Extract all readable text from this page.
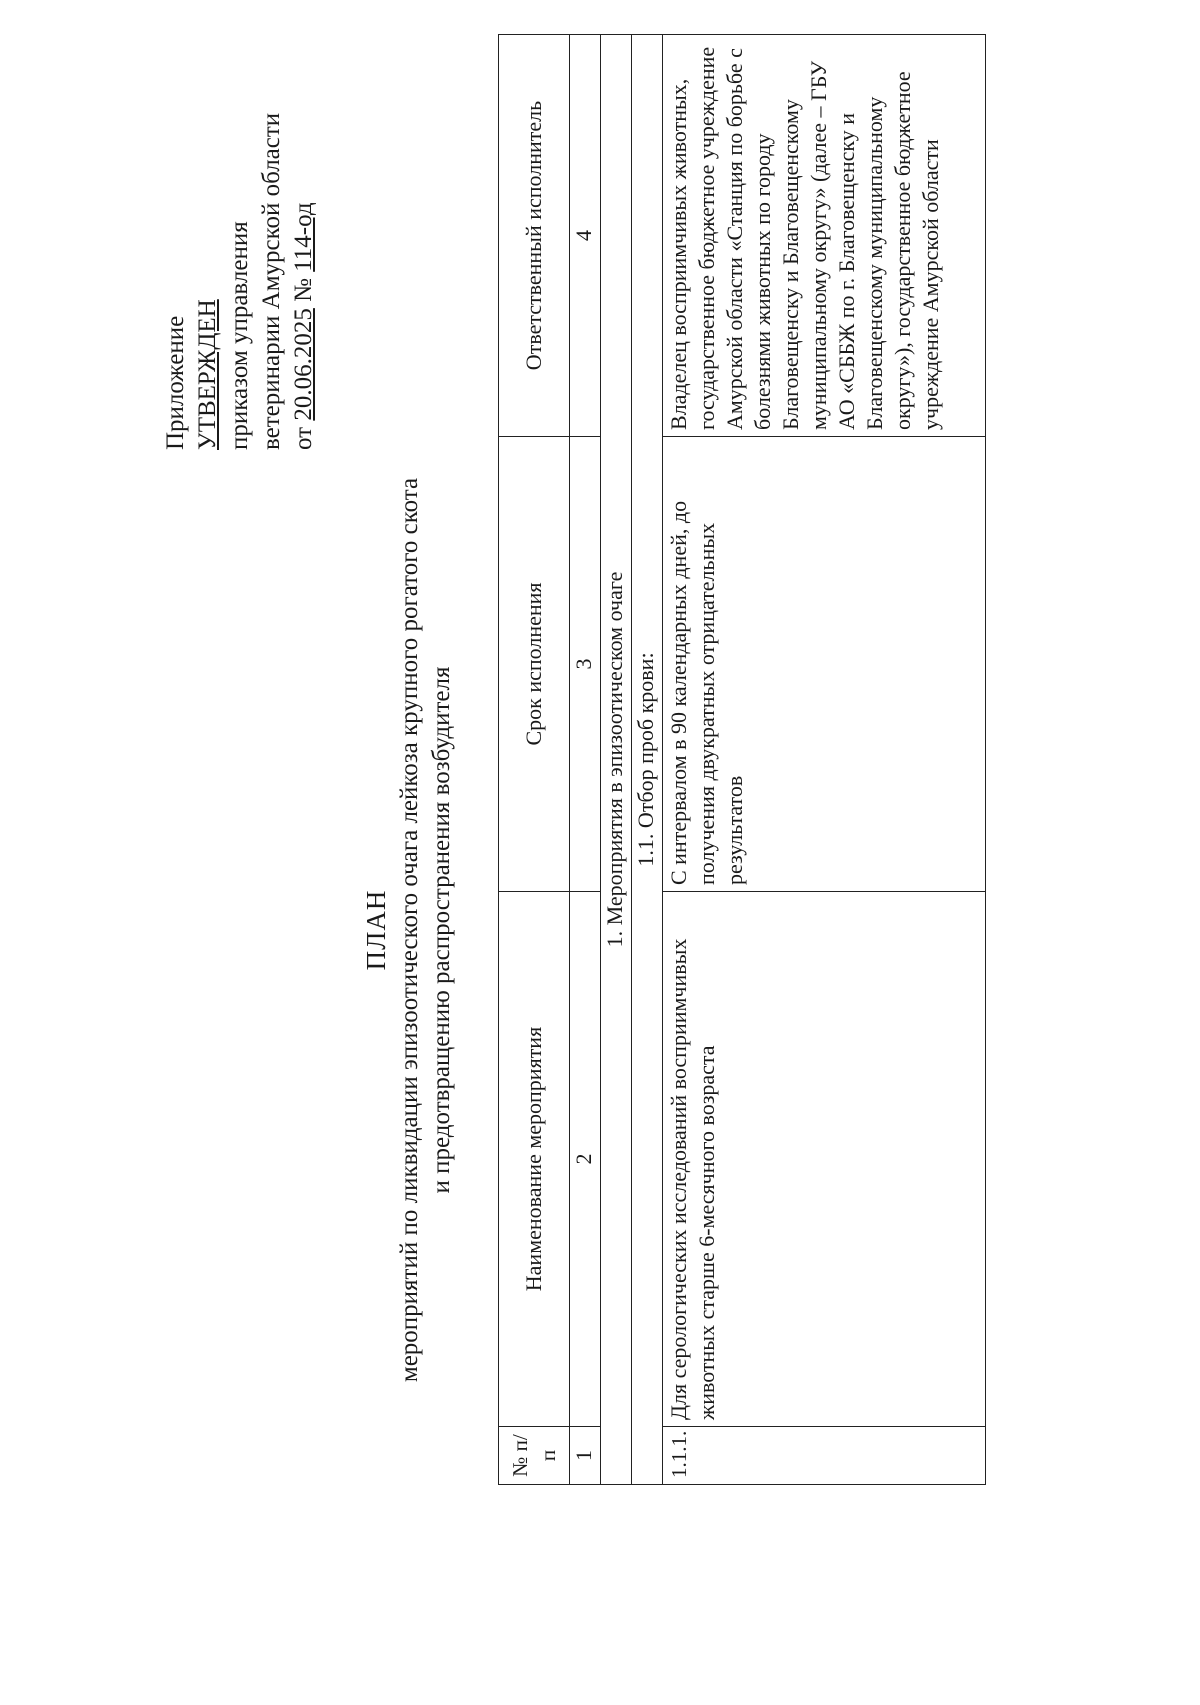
Приложение УТВЕРЖДЕН приказом управления ветеринарии Амурской области от 20.06.2025 № 114-од
ПЛАН мероприятий по ликвидации эпизоотического очага лейкоза крупного рогатого скота и предотвращению распространения возбудителя
№ п/п	Наименование мероприятия	Срок исполнения	Ответственный исполнитель
1	2	3	4
1. Мероприятия в эпизоотическом очаге			
1.1. Отбор проб крови:			
1.1.1.	Для серологических исследований восприимчивых животных старше 6-месячного возраста	С интервалом в 90 календарных дней, до получения двукратных отрицательных результатов	Владелец восприимчивых животных, государственное бюджетное учреждение Амурской области «Станция по борьбе с болезнями животных по городу Благовещенску и Благовещенскому муниципальному округу» (далее – ГБУ АО «СББЖ по г. Благовещенску и Благовещенскому муниципальному округу»), государственное бюджетное учреждение Амурской области
